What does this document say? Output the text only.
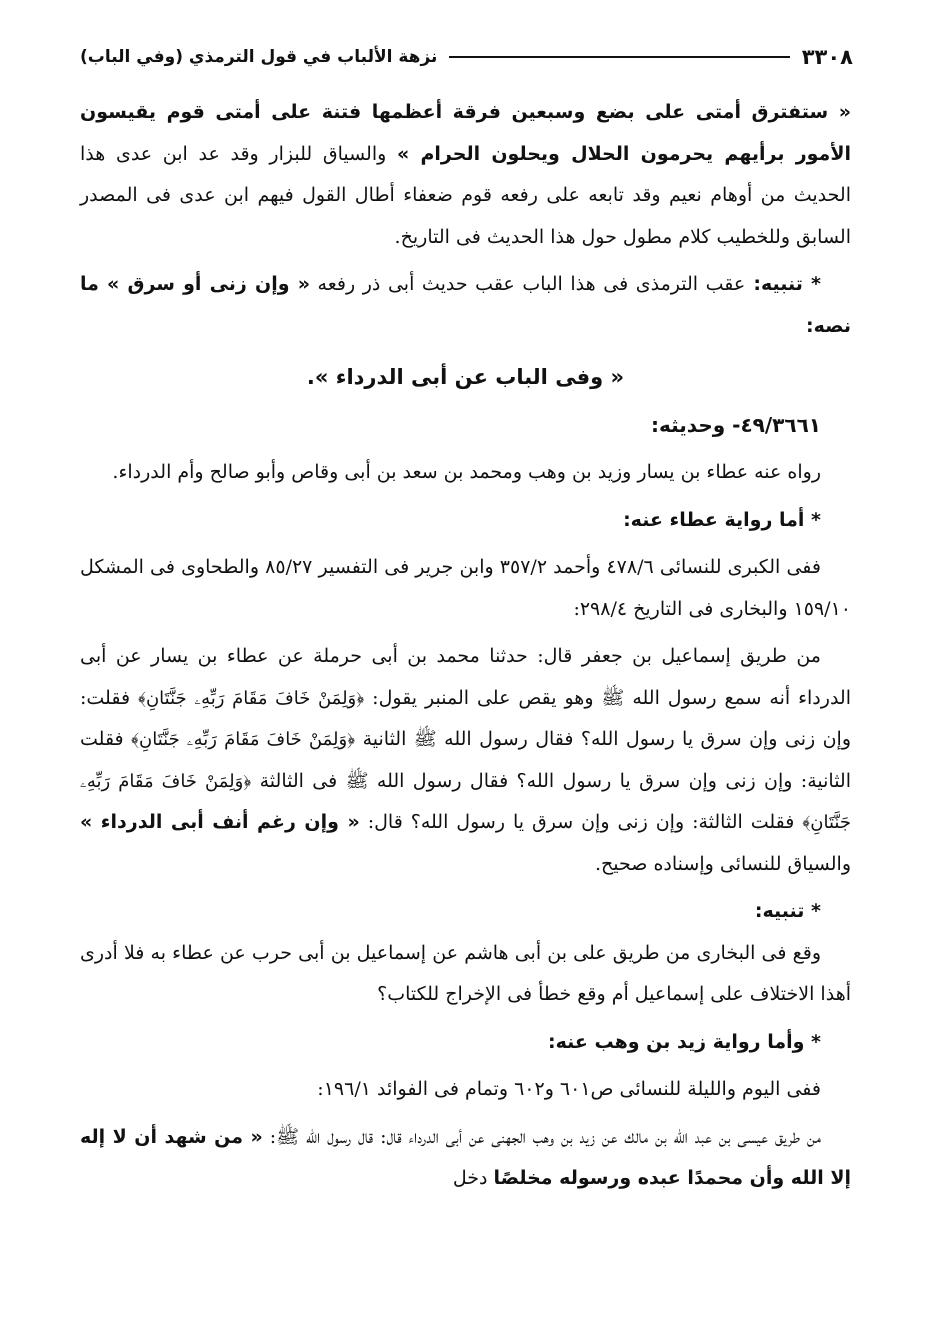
٣٣٠٨
نزهة الألباب في قول الترمذي (وفي الباب)

« ستفترق أمتى على بضع وسبعين فرقة أعظمها فتنة على أمتى قوم يقيسون الأمور برأيهم يحرمون الحلال ويحلون الحرام » والسياق للبزار وقد عد ابن عدى هذا الحديث من أوهام نعيم وقد تابعه على رفعه قوم ضعفاء أطال القول فيهم ابن عدى فى المصدر السابق وللخطيب كلام مطول حول هذا الحديث فى التاريخ.

* تنبيه: عقب الترمذى فى هذا الباب عقب حديث أبى ذر رفعه « وإن زنى أو سرق » ما نصه:

« وفى الباب عن أبى الدرداء ».

٤٩/٣٦٦١- وحديثه:

رواه عنه عطاء بن يسار وزيد بن وهب ومحمد بن سعد بن أبى وقاص وأبو صالح وأم الدرداء.

* أما رواية عطاء عنه:

ففى الكبرى للنسائى ٤٧٨/٦ وأحمد ٣٥٧/٢ وابن جرير فى التفسير ٨٥/٢٧ والطحاوى فى المشكل ١٥٩/١٠ والبخارى فى التاريخ ٢٩٨/٤:

من طريق إسماعيل بن جعفر قال: حدثنا محمد بن أبى حرملة عن عطاء بن يسار عن أبى الدرداء أنه سمع رسول الله ﷺ وهو يقص على المنبر يقول: ﴿وَلِمَنْ خَافَ مَقَامَ رَبِّهِۦ جَنَّتَانِ﴾ فقلت: وإن زنى وإن سرق يا رسول الله؟ فقال رسول الله ﷺ الثانية ﴿وَلِمَنْ خَافَ مَقَامَ رَبِّهِۦ جَنَّتَانِ﴾ فقلت الثانية: وإن زنى وإن سرق يا رسول الله؟ فقال رسول الله ﷺ فى الثالثة ﴿وَلِمَنْ خَافَ مَقَامَ رَبِّهِۦ جَنَّتَانِ﴾ فقلت الثالثة: وإن زنى وإن سرق يا رسول الله؟ قال: « وإن رغم أنف أبى الدرداء » والسياق للنسائى وإسناده صحيح.

* تنبيه:

وقع فى البخارى من طريق على بن أبى هاشم عن إسماعيل بن أبى حرب عن عطاء به فلا أدرى أهذا الاختلاف على إسماعيل أم وقع خطأ فى الإخراج للكتاب؟

* وأما رواية زيد بن وهب عنه:

ففى اليوم والليلة للنسائى ص٦٠١ و٦٠٢ وتمام فى الفوائد ١٩٦/١:

من طريق عيسى بن عبد الله بن مالك عن زيد بن وهب الجهنى عن أبى الدرداء قال: قال رسول الله ﷺ: « من شهد أن لا إله إلا الله وأن محمدًا عبده ورسوله مخلصًا دخل
